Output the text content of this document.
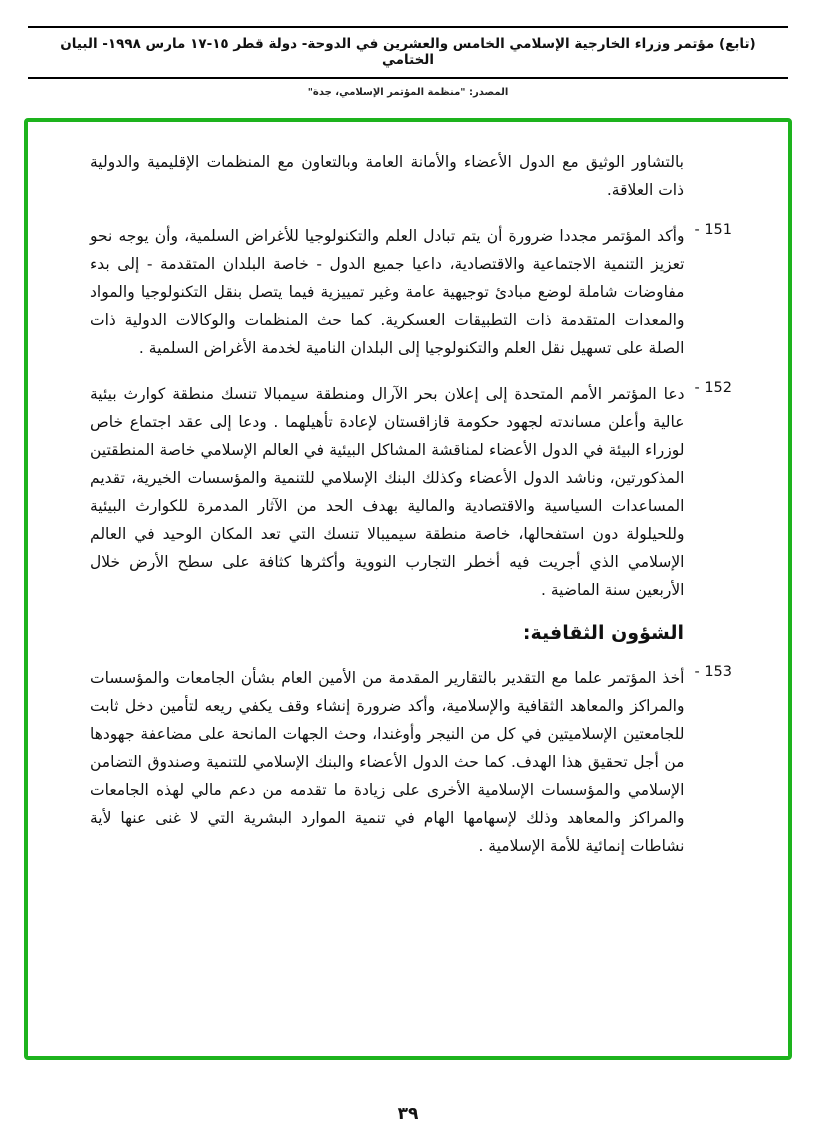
(تابع) مؤتمر وزراء الخارجية الإسلامي الخامس والعشرين في الدوحة- دولة قطر ١٥-١٧ مارس ١٩٩٨- البيان الختامي
المصدر: "منظمة المؤتمر الإسلامي، جدة"
بالتشاور الوثيق مع الدول الأعضاء والأمانة العامة وبالتعاون مع المنظمات الإقليمية والدولية ذات العلاقة.
151 -
وأكد المؤتمر مجددا ضرورة أن يتم تبادل العلم والتكنولوجيا للأغراض السلمية، وأن يوجه نحو تعزيز التنمية الاجتماعية والاقتصادية، داعيا جميع الدول - خاصة البلدان المتقدمة - إلى بدء مفاوضات شاملة لوضع مبادئ توجيهية عامة وغير تمييزية فيما يتصل بنقل التكنولوجيا والمواد والمعدات المتقدمة ذات التطبيقات العسكرية. كما حث المنظمات والوكالات الدولية ذات الصلة على تسهيل نقل العلم والتكنولوجيا إلى البلدان النامية لخدمة الأغراض السلمية .
152 -
دعا المؤتمر الأمم المتحدة إلى إعلان بحر الآرال ومنطقة سيمبالا تنسك منطقة كوارث بيئية عالية وأعلن مساندته لجهود حكومة قازاقستان لإعادة تأهيلهما . ودعا إلى عقد اجتماع خاص لوزراء البيئة في الدول الأعضاء لمناقشة المشاكل البيئية في العالم الإسلامي خاصة المنطقتين المذكورتين، وناشد الدول الأعضاء وكذلك البنك الإسلامي للتنمية والمؤسسات الخيرية، تقديم المساعدات السياسية والاقتصادية والمالية بهدف الحد من الآثار المدمرة للكوارث البيئية وللحيلولة دون استفحالها، خاصة منطقة سيميبالا تنسك التي تعد المكان الوحيد في العالم الإسلامي الذي أجريت فيه أخطر التجارب النووية وأكثرها كثافة على سطح الأرض خلال الأربعين سنة الماضية .
الشؤون الثقافية:
153 -
أخذ المؤتمر علما مع التقدير بالتقارير المقدمة من الأمين العام بشأن الجامعات والمؤسسات والمراكز والمعاهد الثقافية والإسلامية، وأكد ضرورة إنشاء وقف يكفي ريعه لتأمين دخل ثابت للجامعتين الإسلاميتين في كل من النيجر وأوغندا، وحث الجهات المانحة على مضاعفة جهودها من أجل تحقيق هذا الهدف. كما حث الدول الأعضاء والبنك الإسلامي للتنمية وصندوق التضامن الإسلامي والمؤسسات الإسلامية الأخرى على زيادة ما تقدمه من دعم مالي لهذه الجامعات والمراكز والمعاهد وذلك لإسهامها الهام في تنمية الموارد البشرية التي لا غنى عنها لأية نشاطات إنمائية للأمة الإسلامية .
٣٩
